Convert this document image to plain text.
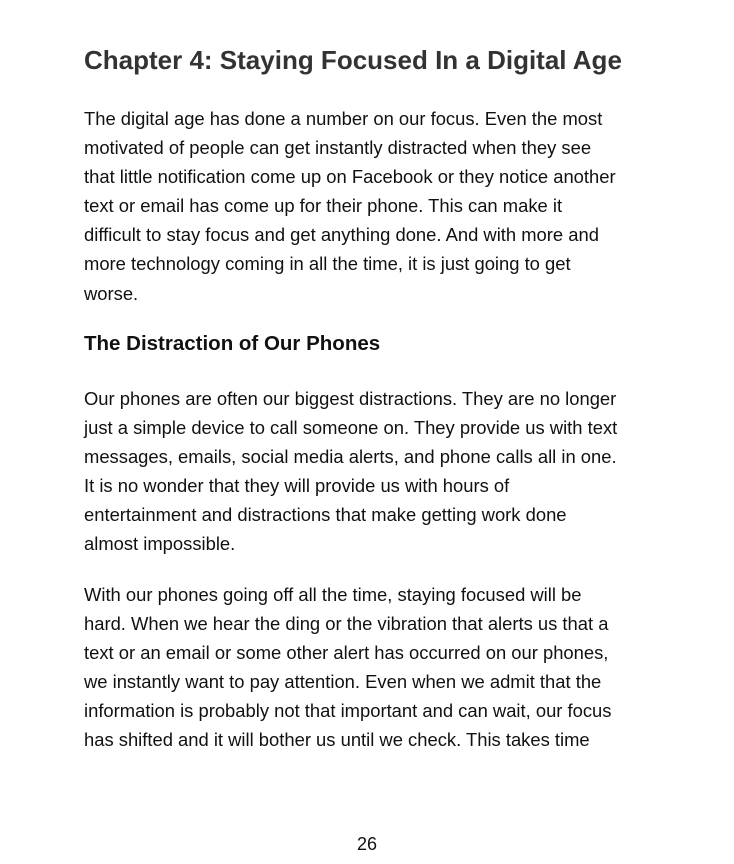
Chapter 4: Staying Focused In a Digital Age

The digital age has done a number on our focus. Even the most
motivated of people can get instantly distracted when they see
that little notification come up on Facebook or they notice another
text or email has come up for their phone. This can make it
difficult to stay focus and get anything done. And with more and
more technology coming in all the time, it is just going to get
worse.

The Distraction of Our Phones

Our phones are often our biggest distractions. They are no longer
just a simple device to call someone on. They provide us with text
messages, emails, social media alerts, and phone calls all in one.
It is no wonder that they will provide us with hours of
entertainment and distractions that make getting work done
almost impossible.

With our phones going off all the time, staying focused will be
hard. When we hear the ding or the vibration that alerts us that a
text or an email or some other alert has occurred on our phones,
we instantly want to pay attention. Even when we admit that the
information is probably not that important and can wait, our focus
has shifted and it will bother us until we check. This takes time

26
